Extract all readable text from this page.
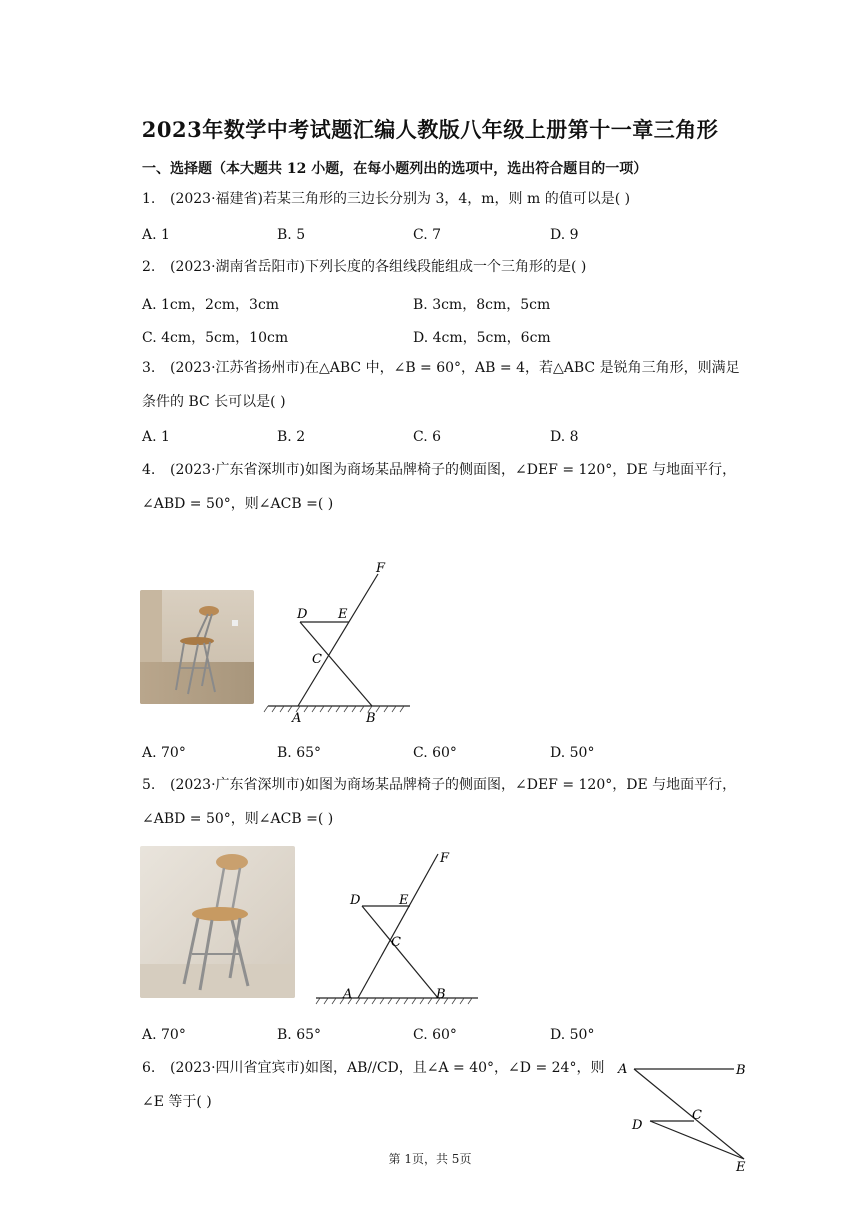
2023年数学中考试题汇编人教版八年级上册第十一章三角形
一、选择题（本大题共 12 小题，在每小题列出的选项中，选出符合题目的一项）
1. (2023·福建省)若某三角形的三边长分别为 3，4，m，则 m 的值可以是( )
A. 1	B. 5	C. 7	D. 9
2. (2023·湖南省岳阳市)下列长度的各组线段能组成一个三角形的是( )
A. 1cm，2cm，3cm	B. 3cm，8cm，5cm
C. 4cm，5cm，10cm	D. 4cm，5cm，6cm
3. (2023·江苏省扬州市)在△ABC 中，∠B = 60°，AB = 4，若△ABC 是锐角三角形，则满足
条件的 BC 长可以是( )
A. 1	B. 2	C. 6	D. 8
4. (2023·广东省深圳市)如图为商场某品牌椅子的侧面图，∠DEF = 120°，DE 与地面平行，
∠ABD = 50°，则∠ACB =( )
D E
F
C
A	B
A. 70°	B. 65°	C. 60°	D. 50°
5. (2023·广东省深圳市)如图为商场某品牌椅子的侧面图，∠DEF = 120°，DE 与地面平行，
∠ABD = 50°，则∠ACB =( )
D	E
F
C
A	B
A. 70°	B. 65°	C. 60°	D. 50°
6. (2023·四川省宜宾市)如图，AB//CD，且∠A = 40°，∠D = 24°，则
∠E 等于( )
A	B
C
D
E
第 1页，共 5页
